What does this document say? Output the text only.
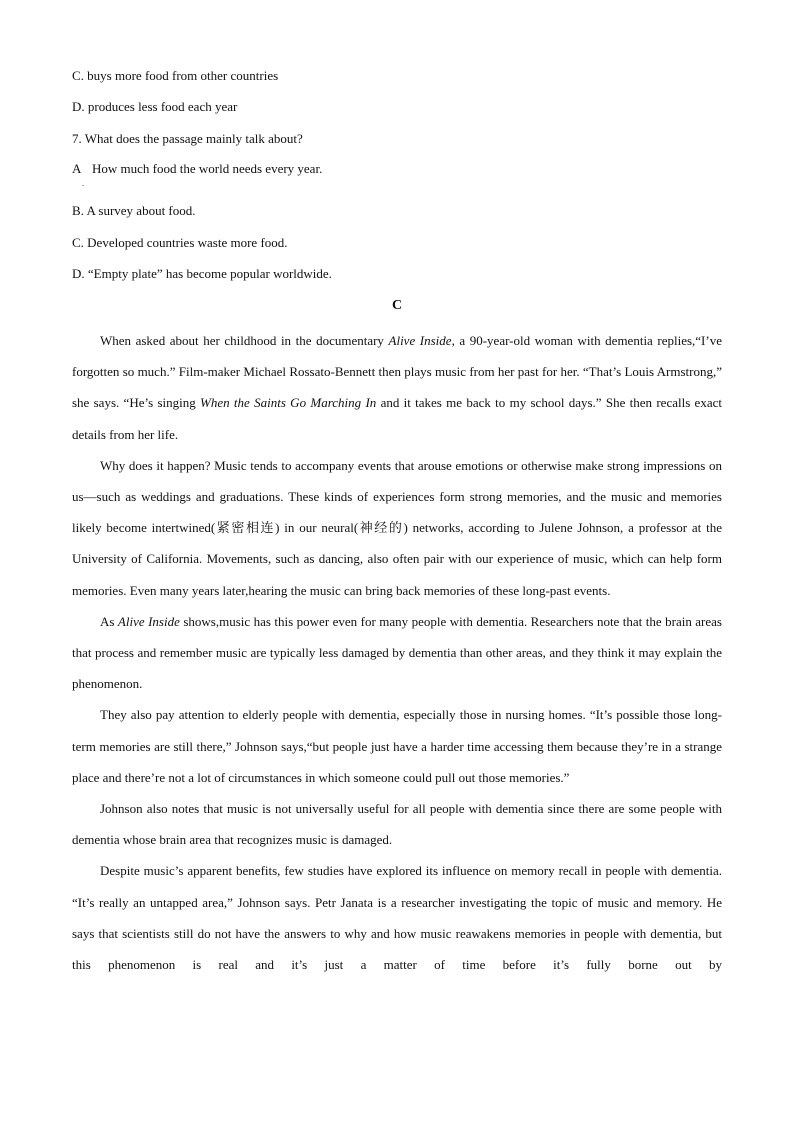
C. buys more food from other countries
D. produces less food each year
7. What does the passage mainly talk about?
A How much food the world needs every year.
.
B. A survey about food.
C. Developed countries waste more food.
D. “Empty plate” has become popular worldwide.
C

When asked about her childhood in the documentary Alive Inside, a 90-year-old woman with dementia replies,“I’ve forgotten so much.” Film-maker Michael Rossato-Bennett then plays music from her past for her. “That’s Louis Armstrong,” she says. “He’s singing When the Saints Go Marching In and it takes me back to my school days.” She then recalls exact details from her life.

Why does it happen? Music tends to accompany events that arouse emotions or otherwise make strong impressions on us—such as weddings and graduations. These kinds of experiences form strong memories, and the music and memories likely become intertwined(紧密相连) in our neural(神经的) networks, according to Julene Johnson, a professor at the University of California. Movements, such as dancing, also often pair with our experience of music, which can help form memories. Even many years later,hearing the music can bring back memories of these long-past events.

As Alive Inside shows,music has this power even for many people with dementia. Researchers note that the brain areas that process and remember music are typically less damaged by dementia than other areas, and they think it may explain the phenomenon.

They also pay attention to elderly people with dementia, especially those in nursing homes. “It’s possible those long-term memories are still there,” Johnson says,“but people just have a harder time accessing them because they’re in a strange place and there’re not a lot of circumstances in which someone could pull out those memories.”

Johnson also notes that music is not universally useful for all people with dementia since there are some people with dementia whose brain area that recognizes music is damaged.

Despite music’s apparent benefits, few studies have explored its influence on memory recall in people with dementia. “It’s really an untapped area,” Johnson says. Petr Janata is a researcher investigating the topic of music and memory. He says that scientists still do not have the answers to why and how music reawakens memories in people with dementia, but this phenomenon is real and it’s just a matter of time before it’s fully borne out by
